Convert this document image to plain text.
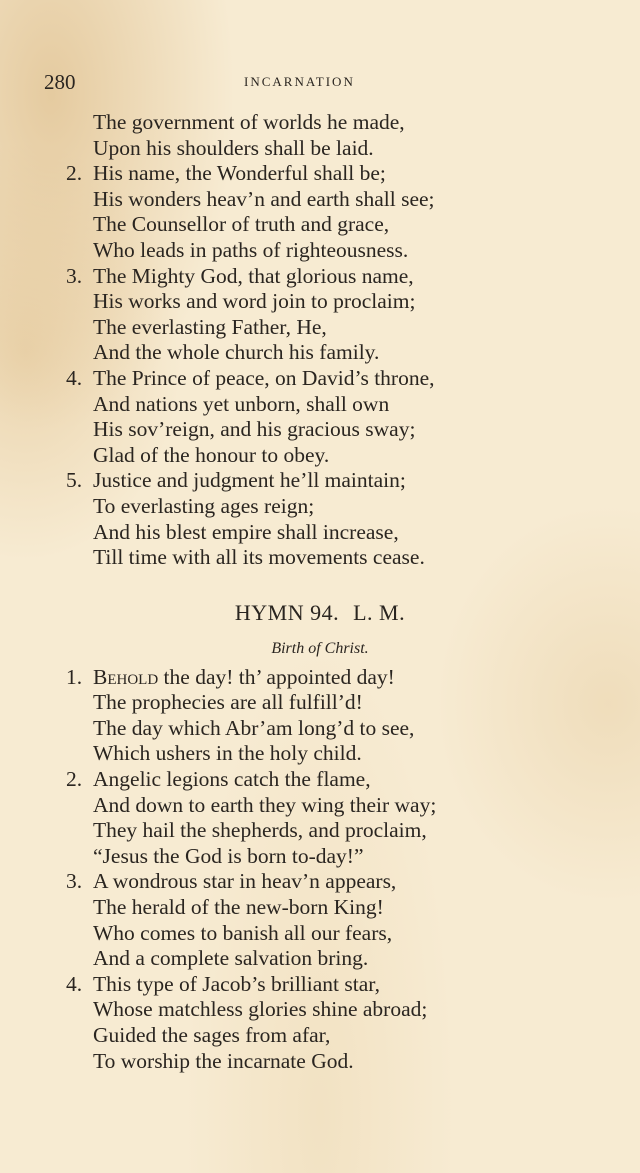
280	INCARNATION
The government of worlds he made,
Upon his shoulders shall be laid.
2. His name, the Wonderful shall be;
His wonders heav’n and earth shall see;
The Counsellor of truth and grace,
Who leads in paths of righteousness.
3. The Mighty God, that glorious name,
His works and word join to proclaim;
The everlasting Father, He,
And the whole church his family.
4. The Prince of peace, on David’s throne,
And nations yet unborn, shall own
His sov’reign, and his gracious sway;
Glad of the honour to obey.
5. Justice and judgment he’ll maintain;
To everlasting ages reign;
And his blest empire shall increase,
Till time with all its movements cease.
HYMN 94. L. M.
Birth of Christ.
1. Behold the day! th’ appointed day!
The prophecies are all fulfill’d!
The day which Abr’am long’d to see,
Which ushers in the holy child.
2. Angelic legions catch the flame,
And down to earth they wing their way;
They hail the shepherds, and proclaim,
“Jesus the God is born to-day!”
3. A wondrous star in heav’n appears,
The herald of the new-born King!
Who comes to banish all our fears,
And a complete salvation bring.
4. This type of Jacob’s brilliant star,
Whose matchless glories shine abroad;
Guided the sages from afar,
To worship the incarnate God.
